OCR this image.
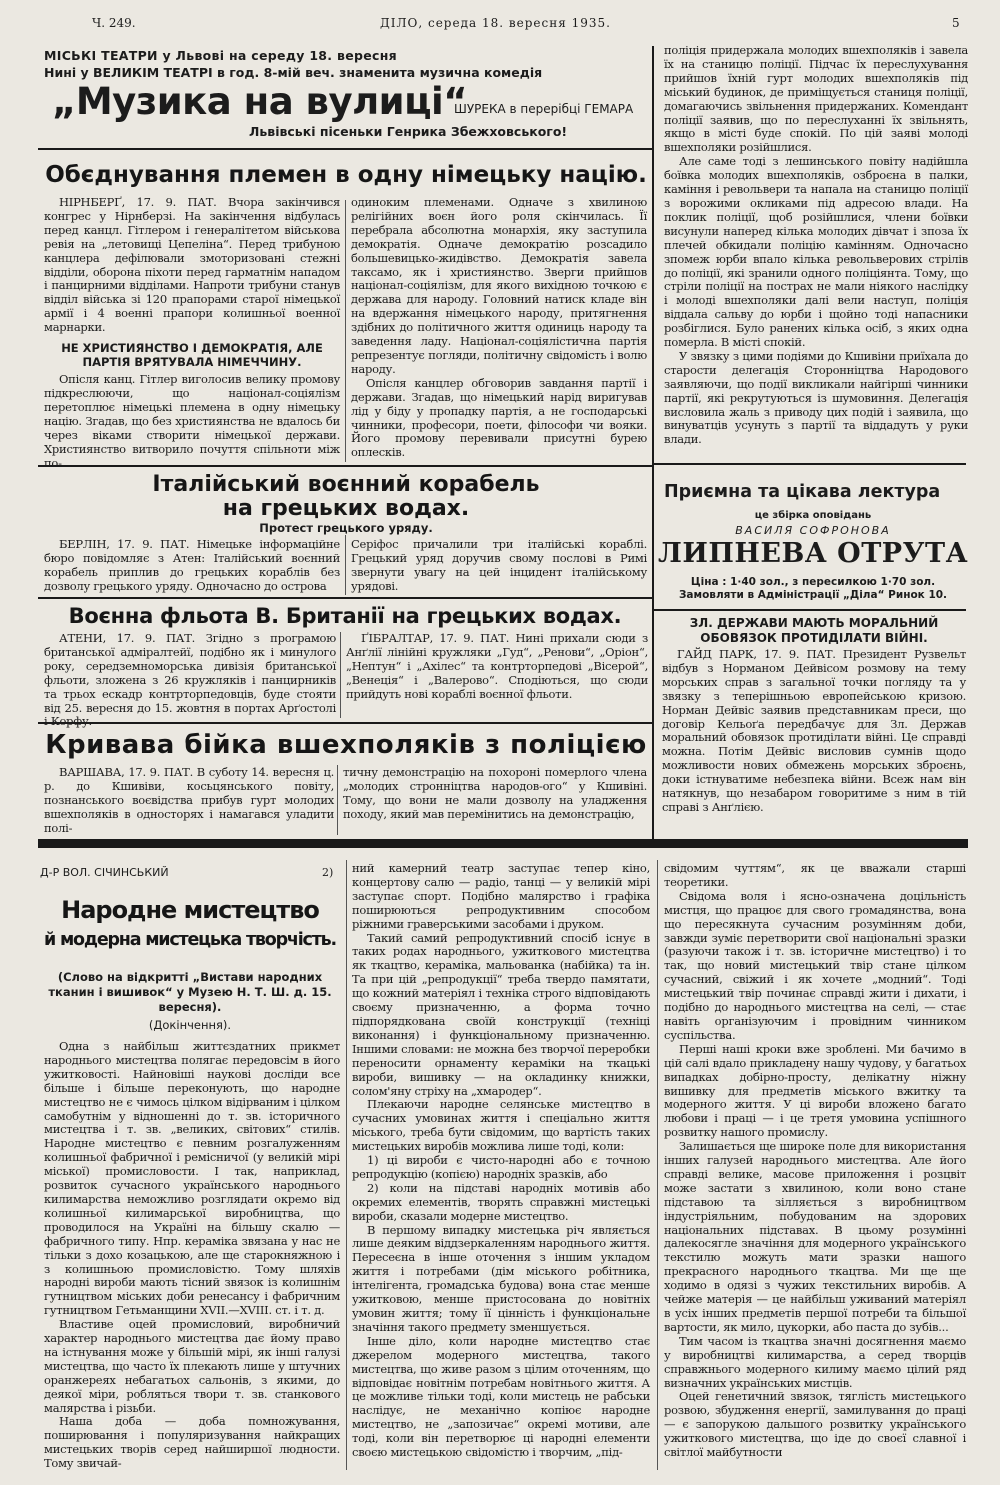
Ч. 249.	ДІЛО, середа 18. вересня 1935.	5
МІСЬКІ ТЕАТРИ у Львові на середу 18. вересня
Нині у ВЕЛИКІМ ТЕАТРІ в год. 8-мій веч. знаменита музична комедія
„Музика на вулиці“
ШУРЕКА в перерібці ГЕМАРА
Львівські пісеньки Генрика Збежховського!
Обєднування племен в одну німецьку націю.

НІРНБЕРҐ, 17. 9. ПАТ. Вчора закінчився конгрес у Нірнберзі. На закінчення відбулась перед канцл. Гітлером і генералітетом військова ревія на „летовищі Цепеліна“. Перед трибуною канцлера дефілювали змоторизовані стежні відділи, оборона піхоти перед гарматнім нападом і панцирними відділами. Напроти трибуни станув відділ війська зі 120 прапорами старої німецької армії і 4 военні прапори колишньої военної марнарки.

НЕ ХРИСТИЯНСТВО І ДЕМОКРАТІЯ, АЛЕ ПАРТІЯ ВРЯТУВАЛА НІМЕЧЧИНУ.

Опісля канц. Гітлер виголосив велику промову підкреслюючи, що націонал-соціялізм перетоплює німецькі племена в одну німецьку націю. Згадав, що без християнства не вдалось би через віками створити німецької держави. Християнство витворило почуття спільноти між по-

одиноким племенами. Одначе з хвилиною релігійних воєн його роля скінчилась. Її перебрала абсолютна монархія, яку заступила демократія. Одначе демократію розсадило большевицько-жидівство. Демократія завела таксамо, як і християнство. Зверги прийшов націонал-соціялізм, для якого вихідною точкою є держава для народу. Головний натиск кладе він на вдержання німецького народу, притягнення здібних до політичного життя одиниць народу та заведення ладу. Націонал-соціялістична партія репрезентує погляди, політичну свідомість і волю народу.

Опісля канцлер обговорив завдання партії і держави. Згадав, що німецький нарід виригував лід у біду у пропадку партія, а не господарські чинники, професори, поети, філософи чи вояки. Його промову перевивали присутні бурею оплесків.

Італійський воєнний корабель
на грецьких водах.
Протест грецького уряду.

БЕРЛІН, 17. 9. ПАТ. Німецьке інформаційне бюро повідомляє з Атен: Італійський воєнний корабель приплив до грецьких кораблів без дозволу грецького уряду. Одночасно до острова

Серіфос причалили три італійські кораблі. Грецький уряд доручив свому послові в Римі звернути увагу на цей інцидент італійському урядові.

Воєнна фльота В. Британії на грецьких водах.

АТЕНИ, 17. 9. ПАТ. Згідно з програмою британської адміралтейї, подібно як і минулого року, середземноморська дивізія британської фльоти, зложена з 26 кружляків і панцирників та трьох ескадр контрторпедовців, буде стояти від 25. вересня до 15. жовтня в портах Арґостолі і Корфу.

ҐІБРАЛТАР, 17. 9. ПАТ. Нині прихали сюди з Анґлії лінійні кружляки „Гуд“, „Ренови“, „Оріон“, „Нептун“ і „Ахілес“ та контрторпедові „Вісерой“, „Венеція“ і „Валерово“. Сподіються, що сюди прийдуть нові кораблі воєнної фльоти.

Кривава бійка вшехполяків з поліцією

ВАРШАВА, 17. 9. ПАТ. В суботу 14. вересня ц. р. до Кшивіви, косьцянського повіту, познанського воєвідства прибув гурт молодих вшехполяків в односторях і намагався уладити полі-

тичну демонстрацію на похороні померлого члена „молодих стронніцтва народов-ого“ у Кшивіні. Тому, що вони не мали дозволу на уладження походу, який мав перемінитись на демонстрацію,

поліція придержала молодих вшехполяків і завела їх на станицю поліції. Підчас їх переслухування прийшов їхній гурт молодих вшехполяків під міський будинок, де приміщується станиця поліції, домагаючись звільнення придержаних. Комендант поліції заявив, що по переслуханні їх звільнять, якщо в місті буде спокій. По цій заяві молоді вшехполяки розійшлися.

Але саме тоді з лешинського повіту надійшла боївка молодих вшехполяків, озброєна в палки, каміння і револьвери та напала на станицю поліції з ворожими окликами під адресою влади. На поклик поліції, щоб розійшлися, члени боївки висунули наперед кілька молодих дівчат і зпоза їх плечей обкидали поліцію камінням. Одночасно зпомеж юрби впало кілька револьверових стрілів до поліції, які зранили одного поліціянта. Тому, що стріли поліції на пострах не мали ніякого наслідку і молоді вшехполяки далі вели наступ, поліція віддала сальву до юрби і щойно тоді напасники розбіглися. Було ранених кілька осіб, з яких одна померла. В місті спокій.

У звязку з цими подіями до Кшивіни приїхала до старости делегація Сторонніцтва Народового заявляючи, що події викликали найгірші чинники партії, які рекрутуються із шумовиння. Делегація висловила жаль з приводу цих подій і заявила, що винуватців усунуть з партії та віддадуть у руки влади.

Приємна та цікава лектура
це збірка оповідань
ВАСИЛЯ СОФРОНОВА
ЛИПНЕВА ОТРУТА
Ціна : 1·40 зол., з пересилкою 1·70 зол.
Замовляти в Адміністрації „Діла“ Ринок 10.
ЗЛ. ДЕРЖАВИ МАЮТЬ МОРАЛЬНИЙ ОБОВЯЗОК ПРОТИДІЛАТИ ВІЙНІ.

ГАЙД ПАРК, 17. 9. ПАТ. Президент Рузвельт відбув з Норманом Дейвісом розмову на тему морських справ з загальної точки погляду та у звязку з теперішньою европейською кризою. Норман Дейвіс заявив представникам преси, що договір Кельоґа передбачує для Зл. Держав моральний обовязок протиділати війні. Це справді можна. Потім Дейвіс висловив сумнів щодо можливости нових обмежень морських зброєнь, доки істнуватиме небезпека війни. Всеж нам він натякнув, що незабаром говоритиме з ним в тій справі з Анґлією.

Д-Р ВОЛ. СІЧИНСЬКИЙ	2)
Народне мистецтво
й модерна мистецька творчість.
(Слово на відкритті „Вистави народних тканин і вишивок“ у Музею Н. Т. Ш. д. 15. вересня).
(Докінчення).

Одна з найбільш життєздатних прикмет народнього мистецтва полягає передовсім в його ужитковості. Найновіші наукові досліди все більше і більше переконують, що народне мистецтво не є чимось цілком відірваним і цілком самобутнім у відношенні до т. зв. історичного мистецтва і т. зв. „великих, світових“ стилів. Народне мистецтво є певним розгалуженням колишньої фабричної і ремісничої (у великій мірі міської) промисловости. І так, наприклад, розвиток сучасного українського народнього килимарства неможливо розглядати окремо від колишньої килимарської виробництва, що проводилося на Україні на більшу скалю — фабричного типу. Нпр. кераміка звязана у нас не тільки з дохо козацькою, але ще старокняжною і з колишньою промисловістю. Тому шляхів народні вироби мають тісний звязок із колишнім гутництвом міських доби ренесансу і фабричним гутництвом Гетьманщини XVII.—XVIII. ст. і т. д.

Властиве оцей промисловий, виробничий характер народнього мистецтва дає йому право на істнування може у більшій мірі, як інші галузі мистецтва, що часто їх плекають лише у штучних оранжереях небагатьох сальонів, з якими, до деякої міри, робляться твори т. зв. станкового малярства і різьби.

Наша доба — доба помножування, поширювання і популяризування найкращих мистецьких творів серед найширшої людности. Тому звичай-

ний камерний театр заступає тепер кіно, концертову салю — радіо, танці — у великій мірі заступає спорт. Подібно малярство і графіка поширюються репродуктивним способом ріжними граверськими засобами і друком.

Такий самий репродуктивний спосіб існує в таких родах народнього, ужиткового мистецтва як ткацтво, кераміка, мальованка (набійка) та ін. Та при цій „репродукції“ треба твердо памятати, що кожний матеріял і техніка строго відповідають своєму призначенню, а форма точно підпорядкована своїй конструкції (техніці виконання) і функціональному призначенню. Іншими словами: не можна без творчої переробки переносити орнаменту кераміки на ткацькі вироби, вишивку — на окладинку книжки, солом'яну стріху на „хмародер“.

Плекаючи народне селянське мистецтво в сучасних умовинах життя і спеціально життя міського, треба бути свідомим, що вартість таких мистецьких виробів можлива лише тоді, коли:

1) ці вироби є чисто-народні або є точною репродукцію (копією) народніх зразків, або

2) коли на підставі народніх мотивів або окремих елементів, творять справжні мистецькі вироби, сказали модерне мистецтво.

В першому випадку мистецька річ являється лише деяким віддзеркаленням народнього життя. Пересеєна в інше оточення з іншим укладом життя і потребами (дім міського робітника, інтелігента, громадська будова) вона стає менше ужитковою, менше пристосована до новітніх умовин життя; тому її цінність і функціональне значіння такого предмету зменшується.

Інше діло, коли народне мистецтво стає джерелом модерного мистецтва, такого мистецтва, що живе разом з цілим оточенням, що відповідає новітнім потребам новітнього життя. А це можливе тільки тоді, коли мистець не рабськи наслідує, не механічно копіює народне мистецтво, не „запозичає“ окремі мотиви, але тоді, коли він перетворює ці народні елементи своєю мистецькою свідомістю і творчим, „під-

свідомим чуттям“, як це вважали старші теоретики.

Свідома воля і ясно-означена доцільність мистця, що працює для свого громадянства, вона що пересякнута сучасним розумінням доби, завжди зуміє перетворити свої національні зразки (разуючи також і т. зв. історичне мистецтво) і то так, що новий мистецький твір стане цілком сучасний, свіжий і як хочете „модний“. Тоді мистецький твір починає справді жити і дихати, і подібно до народнього мистецтва на селі, — стає навіть організуючим і провідним чинником суспільства.

Перші наші кроки вже зроблені. Ми бачимо в цій салі вдало прикладену нашу чудову, у багатьох випадках добірно-просту, делікатну ніжну вишивку для предметів міського вжитку та модерного життя. У ці вироби вложено багато любови і праці — і це третя умовина успішного розвитку нашого промислу.

Залишається ще широке поле для використання інших галузей народнього мистецтва. Але його справді велике, масове приложення і розцвіт може застати з хвилиною, коли воно стане підставою та зілляється з виробництвом індустріяльним, побудованим на здорових національних підставах. В цьому розумінні далекосягле значіння для модерного українського текстилю можуть мати зразки нашого прекрасного народнього ткацтва. Ми ще ще ходимо в одязі з чужих текстильних виробів. А чейже матерія — це найбільш уживаний матеріял в усіх інших предметів першої потреби та більшої вартости, як мило, цукорки, або паста до зубів...

Тим часом із ткацтва значні досягнення маємо у виробництві килимарства, а серед творців справжнього модерного килиму маємо цілий ряд визначних українських мистців.

Оцей генетичний звязок, тяглість мистецького розвою, збудження енергії, замилування до праці — є запорукою дальшого розвитку українського ужиткового мистецтва, що іде до своєї славної і світлої майбутности
